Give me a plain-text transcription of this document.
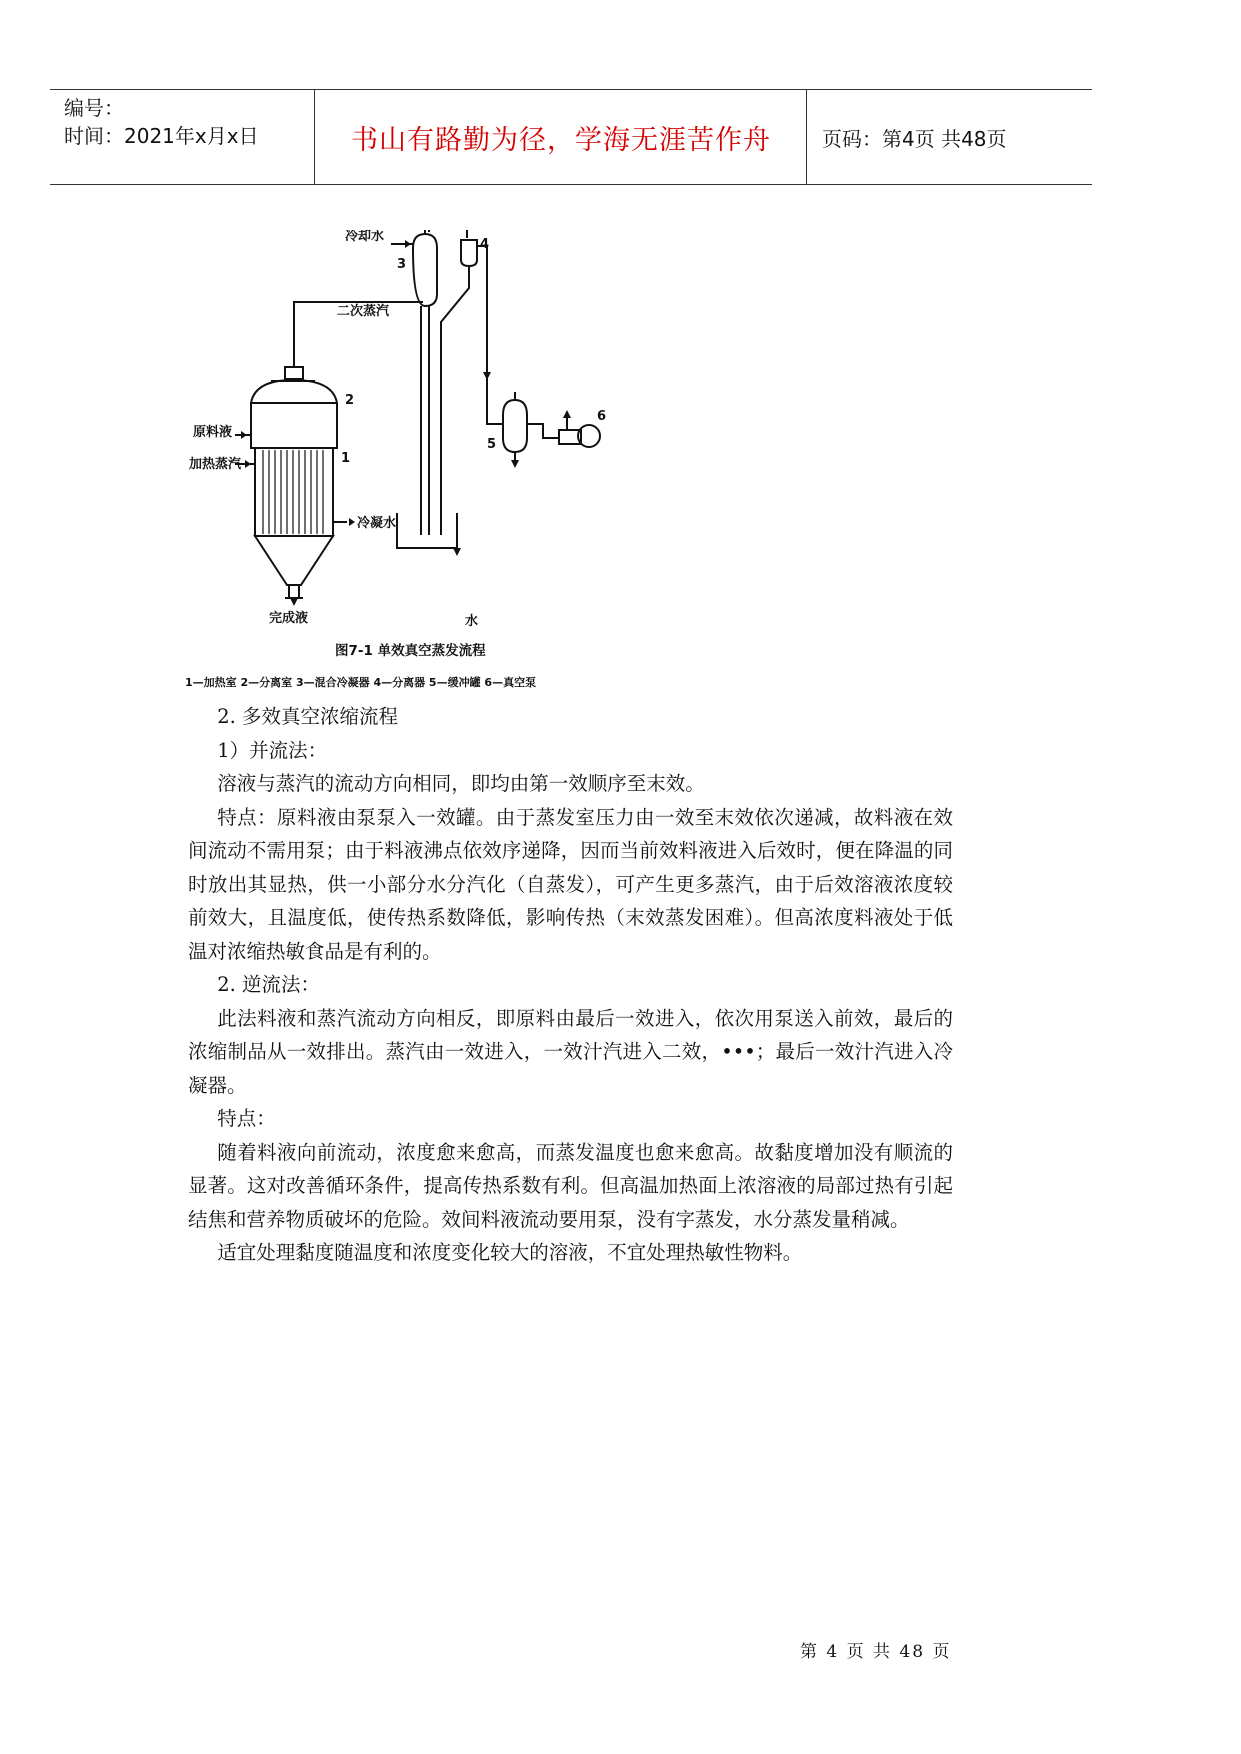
编号：
时间：2021年x月x日	书山有路勤为径，学海无涯苦作舟	页码：第4页 共48页
冷却水
3
二次蒸汽
4
2
原料液
加热蒸汽	1
冷凝水
5
6
完成液	水
图7-1 单效真空蒸发流程
1—加热室 2—分离室 3—混合冷凝器 4—分离器 5—缓冲罐 6—真空泵

2. 多效真空浓缩流程

1）并流法：

溶液与蒸汽的流动方向相同，即均由第一效顺序至末效。

特点：原料液由泵泵入一效罐。由于蒸发室压力由一效至末效依次递减，故料液在效间流动不需用泵；由于料液沸点依效序递降，因而当前效料液进入后效时，便在降温的同时放出其显热，供一小部分水分汽化（自蒸发），可产生更多蒸汽，由于后效溶液浓度较前效大，且温度低，使传热系数降低，影响传热（末效蒸发困难）。但高浓度料液处于低温对浓缩热敏食品是有利的。

2. 逆流法：

此法料液和蒸汽流动方向相反，即原料由最后一效进入，依次用泵送入前效，最后的浓缩制品从一效排出。蒸汽由一效进入，一效汁汽进入二效，•••；最后一效汁汽进入冷凝器。

特点：

随着料液向前流动，浓度愈来愈高，而蒸发温度也愈来愈高。故黏度增加没有顺流的显著。这对改善循环条件，提高传热系数有利。但高温加热面上浓溶液的局部过热有引起结焦和营养物质破坏的危险。效间料液流动要用泵，没有字蒸发，水分蒸发量稍减。

适宜处理黏度随温度和浓度变化较大的溶液，不宜处理热敏性物料。

第 4 页 共 48 页
